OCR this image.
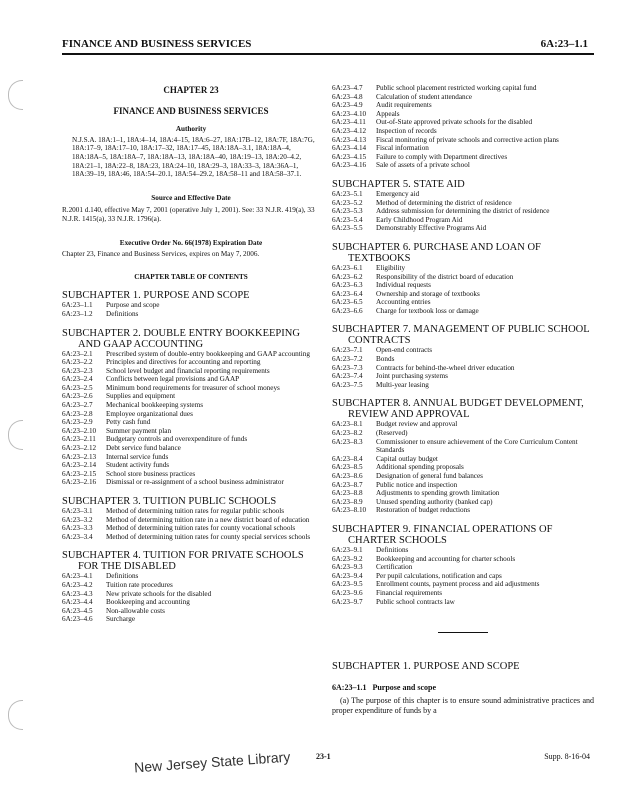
FINANCE AND BUSINESS SERVICES	6A:23–1.1
CHAPTER 23
FINANCE AND BUSINESS SERVICES
Authority
N.J.S.A. 18A:1–1, 18A:4–14, 18A:4–15, 18A:6–27, 18A:17B–12, 18A:7F, 18A:7G, 18A:17–9, 18A:17–10, 18A:17–32, 18A:17–45, 18A:18A–3.1, 18A:18A–4, 18A:18A–5, 18A:18A–7, 18A:18A–13, 18A:18A–40, 18A:19–13, 18A:20–4.2, 18A:21–1, 18A:22–8, 18A:23, 18A:24–10, 18A:29–3, 18A:33–3, 18A:36A–1, 18A:39–19, 18A:46, 18A:54–20.1, 18A:54–29.2, 18A:58–11 and 18A:58–37.1.
Source and Effective Date
R.2001 d.140, effective May 7, 2001 (operative July 1, 2001). See: 33 N.J.R. 419(a), 33 N.J.R. 1415(a), 33 N.J.R. 1796(a).
Executive Order No. 66(1978) Expiration Date
Chapter 23, Finance and Business Services, expires on May 7, 2006.
CHAPTER TABLE OF CONTENTS
SUBCHAPTER 1. PURPOSE AND SCOPE
6A:23–1.1	Purpose and scope
6A:23–1.2	Definitions
SUBCHAPTER 2. DOUBLE ENTRY BOOKKEEPING
AND GAAP ACCOUNTING
6A:23–2.1	Prescribed system of double-entry bookkeeping and GAAP accounting
6A:23–2.2	Principles and directives for accounting and reporting
6A:23–2.3	School level budget and financial reporting requirements
6A:23–2.4	Conflicts between legal provisions and GAAP
6A:23–2.5	Minimum bond requirements for treasurer of school moneys
6A:23–2.6	Supplies and equipment
6A:23–2.7	Mechanical bookkeeping systems
6A:23–2.8	Employee organizational dues
6A:23–2.9	Petty cash fund
6A:23–2.10	Summer payment plan
6A:23–2.11	Budgetary controls and overexpenditure of funds
6A:23–2.12	Debt service fund balance
6A:23–2.13	Internal service funds
6A:23–2.14	Student activity funds
6A:23–2.15	School store business practices
6A:23–2.16	Dismissal or re-assignment of a school business administrator
SUBCHAPTER 3. TUITION PUBLIC SCHOOLS
6A:23–3.1	Method of determining tuition rates for regular public schools
6A:23–3.2	Method of determining tuition rate in a new district board of education
6A:23–3.3	Method of determining tuition rates for county vocational schools
6A:23–3.4	Method of determining tuition rates for county special services schools
SUBCHAPTER 4. TUITION FOR PRIVATE SCHOOLS
FOR THE DISABLED
6A:23–4.1	Definitions
6A:23–4.2	Tuition rate procedures
6A:23–4.3	New private schools for the disabled
6A:23–4.4	Bookkeeping and accounting
6A:23–4.5	Non-allowable costs
6A:23–4.6	Surcharge
6A:23–4.7	Public school placement restricted working capital fund
6A:23–4.8	Calculation of student attendance
6A:23–4.9	Audit requirements
6A:23–4.10	Appeals
6A:23–4.11	Out-of-State approved private schools for the disabled
6A:23–4.12	Inspection of records
6A:23–4.13	Fiscal monitoring of private schools and corrective action plans
6A:23–4.14	Fiscal information
6A:23–4.15	Failure to comply with Department directives
6A:23–4.16	Sale of assets of a private school
SUBCHAPTER 5. STATE AID
6A:23–5.1	Emergency aid
6A:23–5.2	Method of determining the district of residence
6A:23–5.3	Address submission for determining the district of residence
6A:23–5.4	Early Childhood Program Aid
6A:23–5.5	Demonstrably Effective Programs Aid
SUBCHAPTER 6. PURCHASE AND LOAN OF
TEXTBOOKS
6A:23–6.1	Eligibility
6A:23–6.2	Responsibility of the district board of education
6A:23–6.3	Individual requests
6A:23–6.4	Ownership and storage of textbooks
6A:23–6.5	Accounting entries
6A:23–6.6	Charge for textbook loss or damage
SUBCHAPTER 7. MANAGEMENT OF PUBLIC SCHOOL
CONTRACTS
6A:23–7.1	Open-end contracts
6A:23–7.2	Bonds
6A:23–7.3	Contracts for behind-the-wheel driver education
6A:23–7.4	Joint purchasing systems
6A:23–7.5	Multi-year leasing
SUBCHAPTER 8. ANNUAL BUDGET DEVELOPMENT,
REVIEW AND APPROVAL
6A:23–8.1	Budget review and approval
6A:23–8.2	(Reserved)
6A:23–8.3	Commissioner to ensure achievement of the Core Curriculum Content Standards
6A:23–8.4	Capital outlay budget
6A:23–8.5	Additional spending proposals
6A:23–8.6	Designation of general fund balances
6A:23–8.7	Public notice and inspection
6A:23–8.8	Adjustments to spending growth limitation
6A:23–8.9	Unused spending authority (banked cap)
6A:23–8.10	Restoration of budget reductions
SUBCHAPTER 9. FINANCIAL OPERATIONS OF
CHARTER SCHOOLS
6A:23–9.1	Definitions
6A:23–9.2	Bookkeeping and accounting for charter schools
6A:23–9.3	Certification
6A:23–9.4	Per pupil calculations, notification and caps
6A:23–9.5	Enrollment counts, payment process and aid adjustments
6A:23–9.6	Financial requirements
6A:23–9.7	Public school contracts law
SUBCHAPTER 1. PURPOSE AND SCOPE
6A:23–1.1 Purpose and scope
(a) The purpose of this chapter is to ensure sound administrative practices and proper expenditure of funds by a
23-1	Supp. 8-16-04
New Jersey State Library
